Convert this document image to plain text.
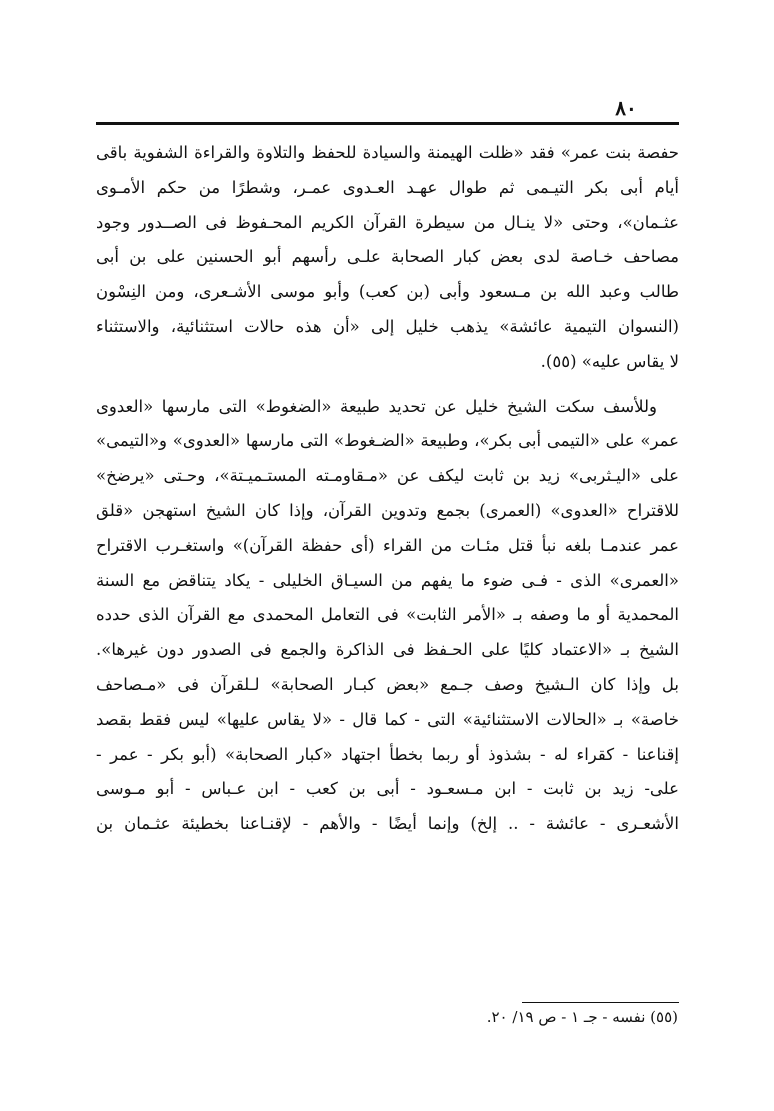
٨٠
حفصة بنت عمر» فقد «ظلت الهيمنة والسيادة للحفظ والتلاوة والقراءة الشفوية باقى
أيام أبى بكر التيـمى ثم طوال عهـد العـدوى عمـر، وشطرًا من حكم الأمـوى
عثـمان»، وحتى «لا ينـال من سيطرة القرآن الكريم المحـفوظ فى الصــدور وجود
مصاحف خـاصة لدى بعض كبار الصحابة علـى رأسهم أبو الحسنين على بن أبى
طالب وعبد الله بن مـسعود وأبى (بن كعب) وأبو موسى الأشـعرى، ومن النِسْون
(النسوان التيمية عائشة» يذهب خليل إلى «أن هذه حالات استثنائية، والاستثناء
لا يقاس عليه» (٥٥).
وللأسف سكت الشيخ خليل عن تحديد طبيعة «الضغوط» التى مارسها «العدوى
عمر» على «التيمى أبى بكر»، وطبيعة «الضـغوط» التى مارسها «العدوى» و«التيمى»
على «اليـثربى» زيد بن ثابت ليكف عن «مـقاومـته المستـميـتة»، وحـتى «يرضخ»
للاقتراح «العدوى» (العمرى) بجمع وتدوين القرآن، وإذا كان الشيخ استهجن «قلق
عمر عندمـا بلغه نبأ قتل مئـات من القراء (أى حفظة القرآن)» واستغـرب الاقتراح
«العمرى» الذى - فـى ضوء ما يفهم من السيـاق الخليلى - يكاد يتناقض مع السنة
المحمدية أو ما وصفه بـ «الأمر الثابت» فى التعامل المحمدى مع القرآن الذى حدده
الشيخ بـ «الاعتماد كليًا على الحـفظ فى الذاكرة والجمع فى الصدور دون غيرها».
بل وإذا كان الـشيخ وصف جـمع «بعض كبـار الصحابة» لـلقرآن فى «مـصاحف
خاصة» بـ «الحالات الاستثنائية» التى - كما قال - «لا يقاس عليها» ليس فقط بقصد
إقناعنا - كقراء له - بشذوذ أو ربما بخطأ اجتهاد «كبار الصحابة» (أبو بكر - عمر -
على- زيد بن ثابت - ابن مـسعـود - أبى بن كعب - ابن عـباس - أبو مـوسى
الأشعـرى - عائشة - .. إلخ) وإنما أيضًا - والأهم - لإقنـاعنا بخطيئة عثـمان بن
(٥٥) نفسه - جـ ١ - ص ١٩/ ٢٠.
